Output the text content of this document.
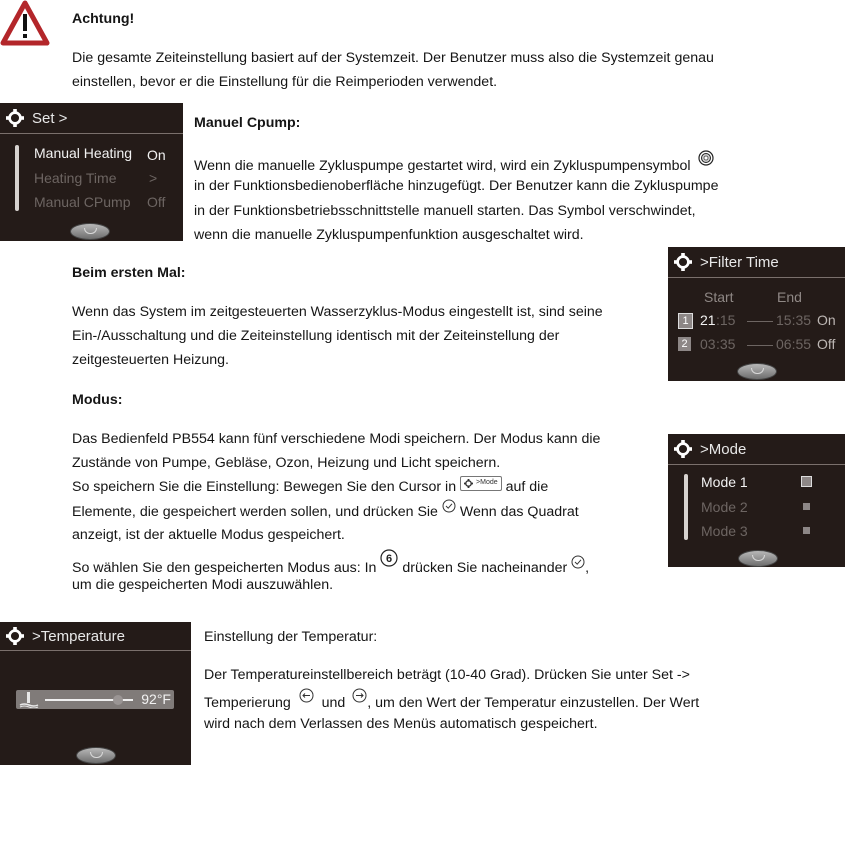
Achtung!
Die gesamte Zeiteinstellung basiert auf der Systemzeit. Der Benutzer muss also die Systemzeit genau
einstellen, bevor er die Einstellung für die Reimperioden verwendet.
Set >
Manual Heating On
Heating Time >
Manual CPump Off
Manuel Cpump:
Wenn die manuelle Zykluspumpe gestartet wird, wird ein Zykluspumpensymbol
in der Funktionsbedienoberfläche hinzugefügt. Der Benutzer kann die Zykluspumpe
in der Funktionsbetriebsschnittstelle manuell starten. Das Symbol verschwindet,
wenn die manuelle Zykluspumpenfunktion ausgeschaltet wird.
>Filter Time
Start	End
1 21 :15	15:35 On
2 03 :35	06:55 Off
Beim ersten Mal:
Wenn das System im zeitgesteuerten Wasserzyklus-Modus eingestellt ist, sind seine
Ein-/Ausschaltung und die Zeiteinstellung identisch mit der Zeiteinstellung der
zeitgesteuerten Heizung.
Modus:
Das Bedienfeld PB554 kann fünf verschiedene Modi speichern. Der Modus kann die
Zustände von Pumpe, Gebläse, Ozon, Heizung und Licht speichern.
So speichern Sie die Einstellung: Bewegen Sie den Cursor in	>Mode auf die
Elemente, die gespeichert werden sollen, und drücken Sie Wenn das Quadrat
anzeigt, ist der aktuelle Modus gespeichert.
So wählen Sie den gespeicherten Modus aus: In
6
drücken Sie nacheinander ,
um die gespeicherten Modi auszuwählen.
>Mode
Mode 1
Mode 2
Mode 3
>Temperature
92°F
Einstellung der Temperatur:
Der Temperatureinstellbereich beträgt (10-40 Grad). Drücken Sie unter Set ->
Temperierung und , um den Wert der Temperatur einzustellen. Der Wert
wird nach dem Verlassen des Menüs automatisch gespeichert.
